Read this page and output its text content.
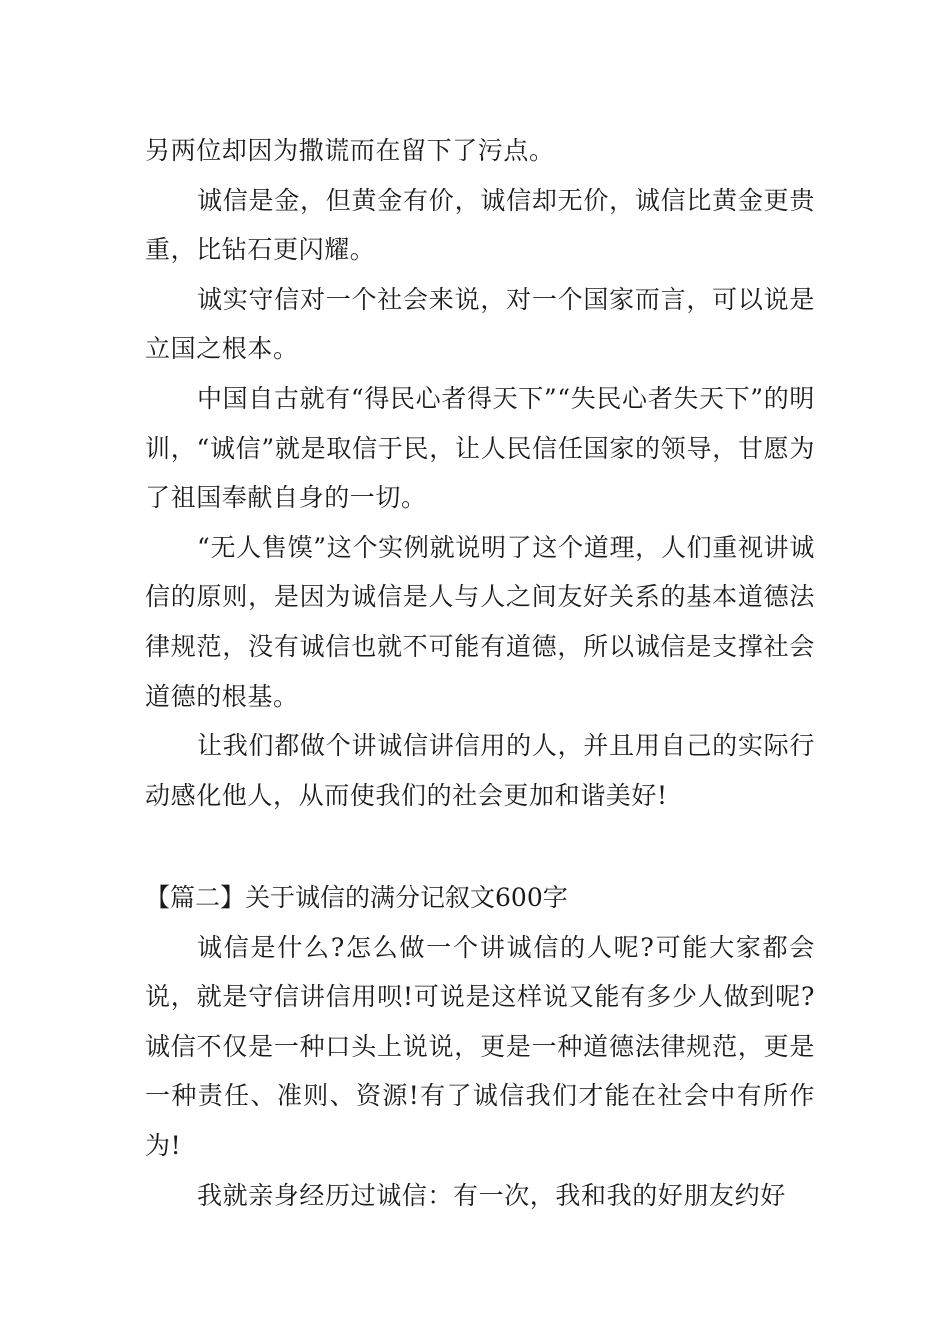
另两位却因为撒谎而在留下了污点。

诚信是金，但黄金有价，诚信却无价，诚信比黄金更贵重，比钻石更闪耀。

诚实守信对一个社会来说，对一个国家而言，可以说是立国之根本。

中国自古就有“得民心者得天下”“失民心者失天下”的明训，“诚信”就是取信于民，让人民信任国家的领导，甘愿为了祖国奉献自身的一切。

“无人售馍”这个实例就说明了这个道理，人们重视讲诚信的原则，是因为诚信是人与人之间友好关系的基本道德法律规范，没有诚信也就不可能有道德，所以诚信是支撑社会道德的根基。

让我们都做个讲诚信讲信用的人，并且用自己的实际行动感化他人，从而使我们的社会更加和谐美好!

【篇二】关于诚信的满分记叙文600字

诚信是什么?怎么做一个讲诚信的人呢?可能大家都会说，就是守信讲信用呗!可说是这样说又能有多少人做到呢?诚信不仅是一种口头上说说，更是一种道德法律规范，更是一种责任、准则、资源!有了诚信我们才能在社会中有所作为!

我就亲身经历过诚信：有一次，我和我的好朋友约好
